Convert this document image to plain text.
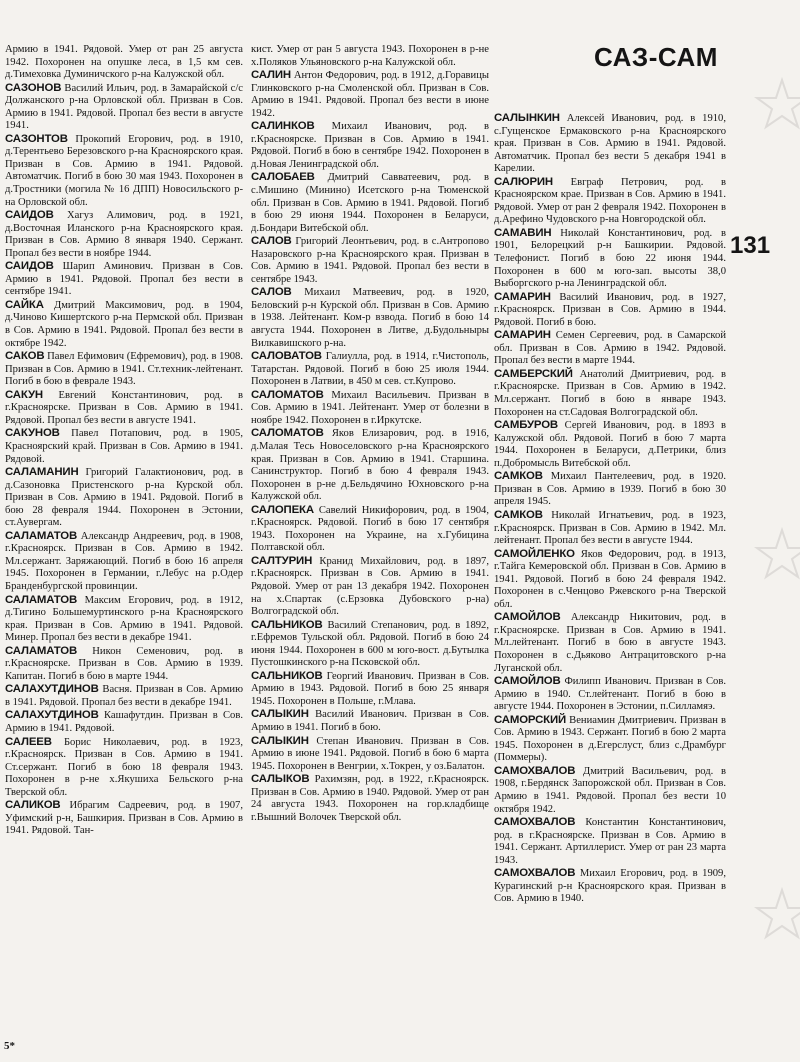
САЗ-САМ
131

Армию в 1941. Рядовой. Умер от ран 25 августа 1942. Похоронен на опушке леса, в 1,5 км сев. д.Тимеховка Думиничского р-на Калужской обл.

САЗОНОВ Василий Ильич, род. в Замарайской с/с Должанского р-на Орловской обл. Призван в Сов. Армию в 1941. Рядовой. Пропал без вести в августе 1941.

САЗОНТОВ Прокопий Егорович, род. в 1910, д.Терентьево Березовского р-на Красноярского края. Призван в Сов. Армию в 1941. Рядовой. Автоматчик. Погиб в бою 30 мая 1943. Похоронен в д.Тростники (могила № 16 ДПП) Новосильского р-на Орловской обл.

САИДОВ Хагуз Алимович, род. в 1921, д.Восточная Иланского р-на Красноярского края. Призван в Сов. Армию 8 января 1940. Сержант. Пропал без вести в ноябре 1944.

САИДОВ Шарип Аминович. Призван в Сов. Армию в 1941. Рядовой. Пропал без вести в сентябре 1941.

САЙКА Дмитрий Максимович, род. в 1904, д.Чиново Кишертского р-на Пермской обл. Призван в Сов. Армию в 1941. Рядовой. Пропал без вести в октябре 1942.

САКОВ Павел Ефимович (Ефремович), род. в 1908. Призван в Сов. Армию в 1941. Ст.техник-лейтенант. Погиб в бою в феврале 1943.

САКУН Евгений Константинович, род. в г.Красноярске. Призван в Сов. Армию в 1941. Рядовой. Пропал без вести в августе 1941.

САКУНОВ Павел Потапович, род. в 1905, Красноярский край. Призван в Сов. Армию в 1941. Рядовой.

САЛАМАНИН Григорий Галактионович, род. в д.Сазоновка Пристенского р-на Курской обл. Призван в Сов. Армию в 1941. Рядовой. Погиб в бою 28 февраля 1944. Похоронен в Эстонии, ст.Аувергам.

САЛАМАТОВ Александр Андреевич, род. в 1908, г.Красноярск. Призван в Сов. Армию в 1942. Мл.сержант. Заряжающий. Погиб в бою 16 апреля 1945. Похоронен в Германии, г.Лебус на р.Одер Бранденбургской провинции.

САЛАМАТОВ Максим Егорович, род. в 1912, д.Тигино Большемуртинского р-на Красноярского края. Призван в Сов. Армию в 1941. Рядовой. Минер. Пропал без вести в декабре 1941.

САЛАМАТОВ Никон Семенович, род. в г.Красноярске. Призван в Сов. Армию в 1939. Капитан. Погиб в бою в марте 1944.

САЛАХУТДИНОВ Васня. Призван в Сов. Армию в 1941. Рядовой. Пропал без вести в декабре 1941.

САЛАХУТДИНОВ Кашафутдин. Призван в Сов. Армию в 1941. Рядовой.

САЛЕЕВ Борис Николаевич, род. в 1923, г.Красноярск. Призван в Сов. Армию в 1941. Ст.сержант. Погиб в бою 18 февраля 1943. Похоронен в р-не х.Якушиха Бельского р-на Тверской обл.

САЛИКОВ Ибрагим Садреевич, род. в 1907, Уфимский р-н, Башкирия. Призван в Сов. Армию в 1941. Рядовой. Тан-

кист. Умер от ран 5 августа 1943. Похоронен в р-не х.Поляков Ульяновского р-на Калужской обл.

САЛИН Антон Федорович, род. в 1912, д.Горавицы Глинковского р-на Смоленской обл. Призван в Сов. Армию в 1941. Рядовой. Пропал без вести в июне 1942.

САЛИНКОВ Михаил Иванович, род. в г.Красноярске. Призван в Сов. Армию в 1941. Рядовой. Погиб в бою в сентябре 1942. Похоронен в д.Новая Ленинградской обл.

САЛОБАЕВ Дмитрий Савватеевич, род. в с.Мишино (Минино) Исетского р-на Тюменской обл. Призван в Сов. Армию в 1941. Рядовой. Погиб в бою 29 июня 1944. Похоронен в Беларуси, д.Бондари Витебской обл.

САЛОВ Григорий Леонтьевич, род. в с.Антропово Назаровского р-на Красноярского края. Призван в Сов. Армию в 1941. Рядовой. Пропал без вести в сентябре 1943.

САЛОВ Михаил Матвеевич, род. в 1920, Беловский р-н Курской обл. Призван в Сов. Армию в 1938. Лейтенант. Ком-р взвода. Погиб в бою 14 августа 1944. Похоронен в Литве, д.Будольныры Вилкавишского р-на.

САЛОВАТОВ Галиулла, род. в 1914, г.Чистополь, Татарстан. Рядовой. Погиб в бою 25 июля 1944. Похоронен в Латвии, в 450 м сев. ст.Купрово.

САЛОМАТОВ Михаил Васильевич. Призван в Сов. Армию в 1941. Лейтенант. Умер от болезни в ноябре 1942. Похоронен в г.Иркутске.

САЛОМАТОВ Яков Елизарович, род. в 1916, д.Малая Тесь Новоселовского р-на Красноярского края. Призван в Сов. Армию в 1941. Старшина. Санинструктор. Погиб в бою 4 февраля 1943. Похоронен в р-не д.Бельдячино Юхновского р-на Калужской обл.

САЛОПЕКА Савелий Никифорович, род. в 1904, г.Красноярск. Рядовой. Погиб в бою 17 сентября 1943. Похоронен на Украине, на х.Губицина Полтавской обл.

САЛТУРИН Кранид Михайлович, род. в 1897, г.Красноярск. Призван в Сов. Армию в 1941. Рядовой. Умер от ран 13 декабря 1942. Похоронен на х.Спартак (с.Ерзовка Дубовского р-на) Волгоградской обл.

САЛЬНИКОВ Василий Степанович, род. в 1892, г.Ефремов Тульской обл. Рядовой. Погиб в бою 24 июня 1944. Похоронен в 600 м юго-вост. д.Бутылка Пустошкинского р-на Псковской обл.

САЛЬНИКОВ Георгий Иванович. Призван в Сов. Армию в 1943. Рядовой. Погиб в бою 25 января 1945. Похоронен в Польше, г.Млава.

САЛЫКИН Василий Иванович. Призван в Сов. Армию в 1941. Погиб в бою.

САЛЫКИН Степан Иванович. Призван в Сов. Армию в июне 1941. Рядовой. Погиб в бою 6 марта 1945. Похоронен в Венгрии, х.Токрен, у оз.Балатон.

САЛЫКОВ Рахимзян, род. в 1922, г.Красноярск. Призван в Сов. Армию в 1940. Рядовой. Умер от ран 24 августа 1943. Похоронен на гор.кладбище г.Вышний Волочек Тверской обл.

САЛЫНКИН Алексей Иванович, род. в 1910, с.Гущенское Ермаковского р-на Красноярского края. Призван в Сов. Армию в 1941. Рядовой. Автоматчик. Пропал без вести 5 декабря 1941 в Карелии.

САЛЮРИН Евграф Петрович, род. в Красноярском крае. Призван в Сов. Армию в 1941. Рядовой. Умер от ран 2 февраля 1942. Похоронен в д.Арефино Чудовского р-на Новгородской обл.

САМАВИН Николай Константинович, род. в 1901, Белорецкий р-н Башкирии. Рядовой. Телефонист. Погиб в бою 22 июня 1944. Похоронен в 600 м юго-зап. высоты 38,0 Выборгского р-на Ленинградской обл.

САМАРИН Василий Иванович, род. в 1927, г.Красноярск. Призван в Сов. Армию в 1944. Рядовой. Погиб в бою.

САМАРИН Семен Сергеевич, род. в Самарской обл. Призван в Сов. Армию в 1942. Рядовой. Пропал без вести в марте 1944.

САМБЕРСКИЙ Анатолий Дмитриевич, род. в г.Красноярске. Призван в Сов. Армию в 1942. Мл.сержант. Погиб в бою в январе 1943. Похоронен на ст.Садовая Волгоградской обл.

САМБУРОВ Сергей Иванович, род. в 1893 в Калужской обл. Рядовой. Погиб в бою 7 марта 1944. Похоронен в Беларуси, д.Петрики, близ п.Добромысль Витебской обл.

САМКОВ Михаил Пантелеевич, род. в 1920. Призван в Сов. Армию в 1939. Погиб в бою 30 апреля 1945.

САМКОВ Николай Игнатьевич, род. в 1923, г.Красноярск. Призван в Сов. Армию в 1942. Мл. лейтенант. Пропал без вести в августе 1944.

САМОЙЛЕНКО Яков Федорович, род. в 1913, г.Тайга Кемеровской обл. Призван в Сов. Армию в 1941. Рядовой. Погиб в бою 24 февраля 1942. Похоронен в с.Ченцово Ржевского р-на Тверской обл.

САМОЙЛОВ Александр Никитович, род. в г.Красноярске. Призван в Сов. Армию в 1941. Мл.лейтенант. Погиб в бою в августе 1943. Похоронен в с.Дьяково Антрацитовского р-на Луганской обл.

САМОЙЛОВ Филипп Иванович. Призван в Сов. Армию в 1940. Ст.лейтенант. Погиб в бою в августе 1944. Похоронен в Эстонии, п.Силламяэ.

САМОРСКИЙ Вениамин Дмитриевич. Призван в Сов. Армию в 1943. Сержант. Погиб в бою 2 марта 1945. Похоронен в д.Егерслуст, близ с.Драмбург (Поммеры).

САМОХВАЛОВ Дмитрий Васильевич, род. в 1908, г.Бердянск Запорожской обл. Призван в Сов. Армию в 1941. Рядовой. Пропал без вести 10 октября 1942.

САМОХВАЛОВ Константин Константинович, род. в г.Красноярске. Призван в Сов. Армию в 1941. Сержант. Артиллерист. Умер от ран 23 марта 1943.

САМОХВАЛОВ Михаил Егорович, род. в 1909, Курагинский р-н Красноярского края. Призван в Сов. Армию в 1940.

5*
